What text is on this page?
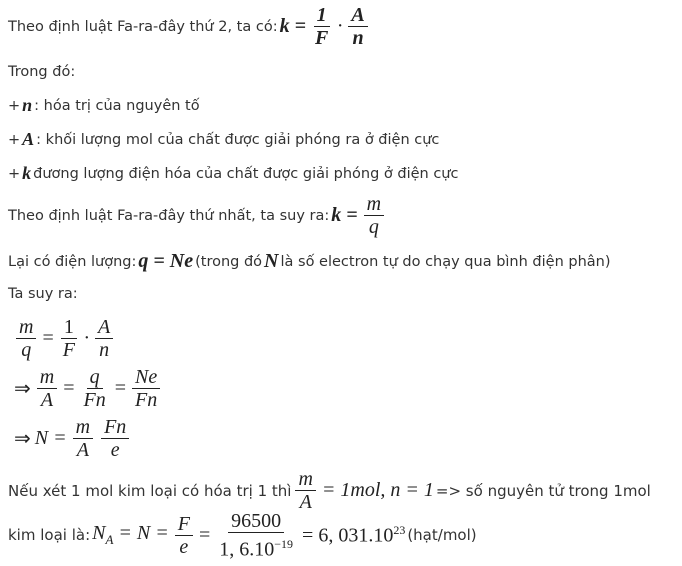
Theo định luật Fa-ra-đây thứ 2, ta có: $k = \frac{1}{F} \cdot \frac{A}{n}$
Trong đó:
+ n : hóa trị của nguyên tố
+ A : khối lượng mol của chất được giải phóng ra ở điện cực
+ k đương lượng điện hóa của chất được giải phóng ở điện cực
Theo định luật Fa-ra-đây thứ nhất, ta suy ra: $k = \frac{m}{q}$
Lại có điện lượng: q = Ne (trong đó N là số electron tự do chạy qua bình điện phân)
Ta suy ra:
$\frac{m}{q} = \frac{1}{F} \cdot \frac{A}{n}$
⇒ $\frac{m}{A} = \frac{q}{Fn} = \frac{Ne}{Fn}$
⇒ $N = \frac{m}{A} \frac{Fn}{e}$
Nếu xét 1 mol kim loại có hóa trị 1 thì $\frac{m}{A} = 1mol$, n = 1 => số nguyên tử trong 1mol
kim loại là: $N_A = N = \frac{F}{e} = \frac{96500}{1, 6.10^{-19}} = 6$, 031.10$^{23}$ (hạt/mol)
